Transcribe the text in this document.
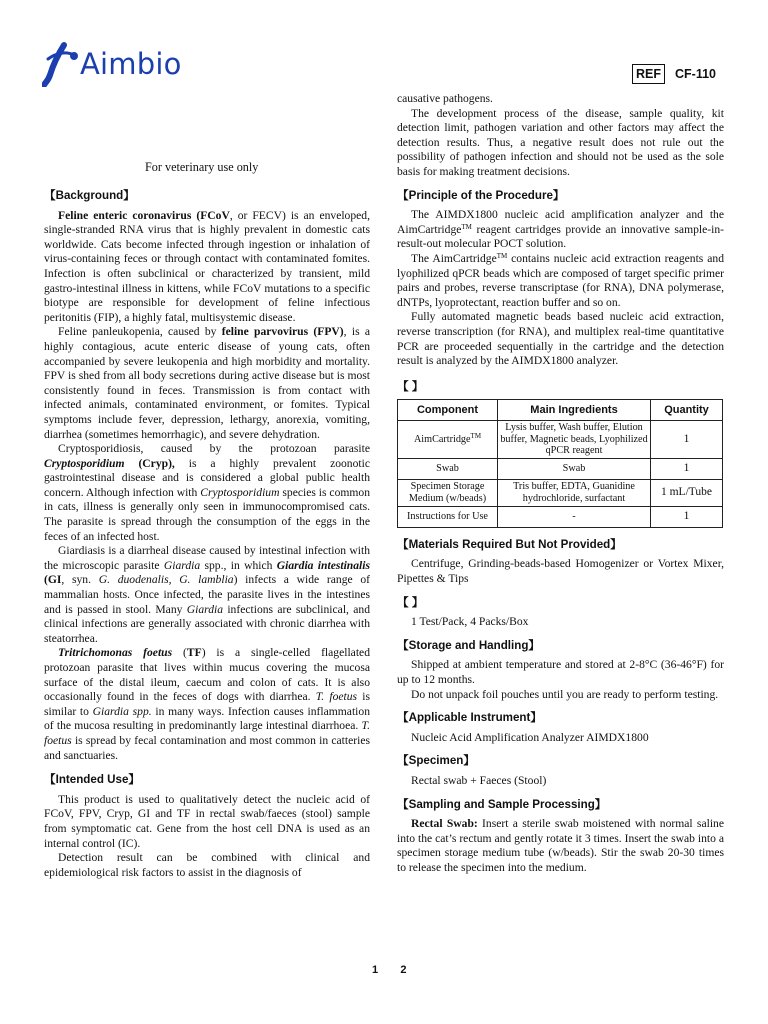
Aimbio	REF	CF-110
For veterinary use only
【Background】

Feline enteric coronavirus (FCoV, or FECV) is an enveloped, single-stranded RNA virus that is highly prevalent in domestic cats worldwide. Cats become infected through ingestion or inhalation of virus-containing feces or through contact with contaminated fomites. Infection is often subclinical or characterized by transient, mild gastro-intestinal illness in kittens, while FCoV mutations to a specific biotype are responsible for development of feline infectious peritonitis (FIP), a highly fatal, multisystemic disease.

Feline panleukopenia, caused by feline parvovirus (FPV), is a highly contagious, acute enteric disease of young cats, often accompanied by severe leukopenia and high morbidity and mortality. FPV is shed from all body secretions during active disease but is most consistently found in feces. Transmission is from contact with infected animals, contaminated environment, or fomites. Typical symptoms include fever, depression, lethargy, anorexia, vomiting, diarrhea (sometimes hemorrhagic), and severe dehydration.

Cryptosporidiosis, caused by the protozoan parasite Cryptosporidium (Cryp), is a highly prevalent zoonotic gastrointestinal disease and is considered a global public health concern. Although infection with Cryptosporidium species is common in cats, illness is generally only seen in immunocompromised cats. The parasite is spread through the consumption of the eggs in the feces of an infected host.

Giardiasis is a diarrheal disease caused by intestinal infection with the microscopic parasite Giardia spp., in which Giardia intestinalis (GI, syn. G. duodenalis, G. lamblia) infects a wide range of mammalian hosts. Once infected, the parasite lives in the intestines and is passed in stool. Many Giardia infections are subclinical, and clinical infections are generally associated with chronic diarrhea with steatorrhea.

Tritrichomonas foetus (TF) is a single-celled flagellated protozoan parasite that lives within mucus covering the mucosa surface of the distal ileum, caecum and colon of cats. It is also occasionally found in the feces of dogs with diarrhea. T. foetus is similar to Giardia spp. in many ways. Infection causes inflammation of the mucosa resulting in predominantly large intestinal diarrhoea. T. foetus is spread by fecal contamination and most common in catteries and sanctuaries.

【Intended Use】

This product is used to qualitatively detect the nucleic acid of FCoV, FPV, Cryp, GI and TF in rectal swab/faeces (stool) sample from symptomatic cat. Gene from the host cell DNA is used as an internal control (IC).

Detection result can be combined with clinical and epidemiological risk factors to assist in the diagnosis of

causative pathogens.

The development process of the disease, sample quality, kit detection limit, pathogen variation and other factors may affect the detection results. Thus, a negative result does not rule out the possibility of pathogen infection and should not be used as the sole basis for making treatment decisions.

【Principle of the Procedure】

The AIMDX1800 nucleic acid amplification analyzer and the AimCartridge™ reagent cartridges provide an innovative sample-in-result-out molecular POCT solution.

The AimCartridge™ contains nucleic acid extraction reagents and lyophilized qPCR beads which are composed of target specific primer pairs and probes, reverse transcriptase (for RNA), DNA polymerase, dNTPs, lyoprotectant, reaction buffer and so on.

Fully automated magnetic beads based nucleic acid extraction, reverse transcription (for RNA), and multiplex real-time quantitative PCR are proceeded sequentially in the cartridge and the detection result is analyzed by the AIMDX1800 analyzer.

【 】
Component	Main Ingredients	Quantity
AimCartridge™	Lysis buffer, Wash buffer, Elution buffer, Magnetic beads, Lyophilized qPCR reagent	1
Swab	Swab	1
Specimen Storage Medium (w/beads)	Tris buffer, EDTA, Guanidine hydrochloride, surfactant	1 mL/Tube
Instructions for Use	-	1
【Materials Required But Not Provided】

Centrifuge, Grinding-beads-based Homogenizer or Vortex Mixer, Pipettes & Tips

【 】

1 Test/Pack, 4 Packs/Box

【Storage and Handling】

Shipped at ambient temperature and stored at 2-8°C (36-46°F) for up to 12 months.

Do not unpack foil pouches until you are ready to perform testing.

【Applicable Instrument】

Nucleic Acid Amplification Analyzer AIMDX1800

【Specimen】

Rectal swab + Faeces (Stool)

【Sampling and Sample Processing】

Rectal Swab: Insert a sterile swab moistened with normal saline into the cat’s rectum and gently rotate it 3 times. Insert the swab into a specimen storage medium tube (w/beads). Stir the swab 20-30 times to release the specimen into the medium.

1 2
